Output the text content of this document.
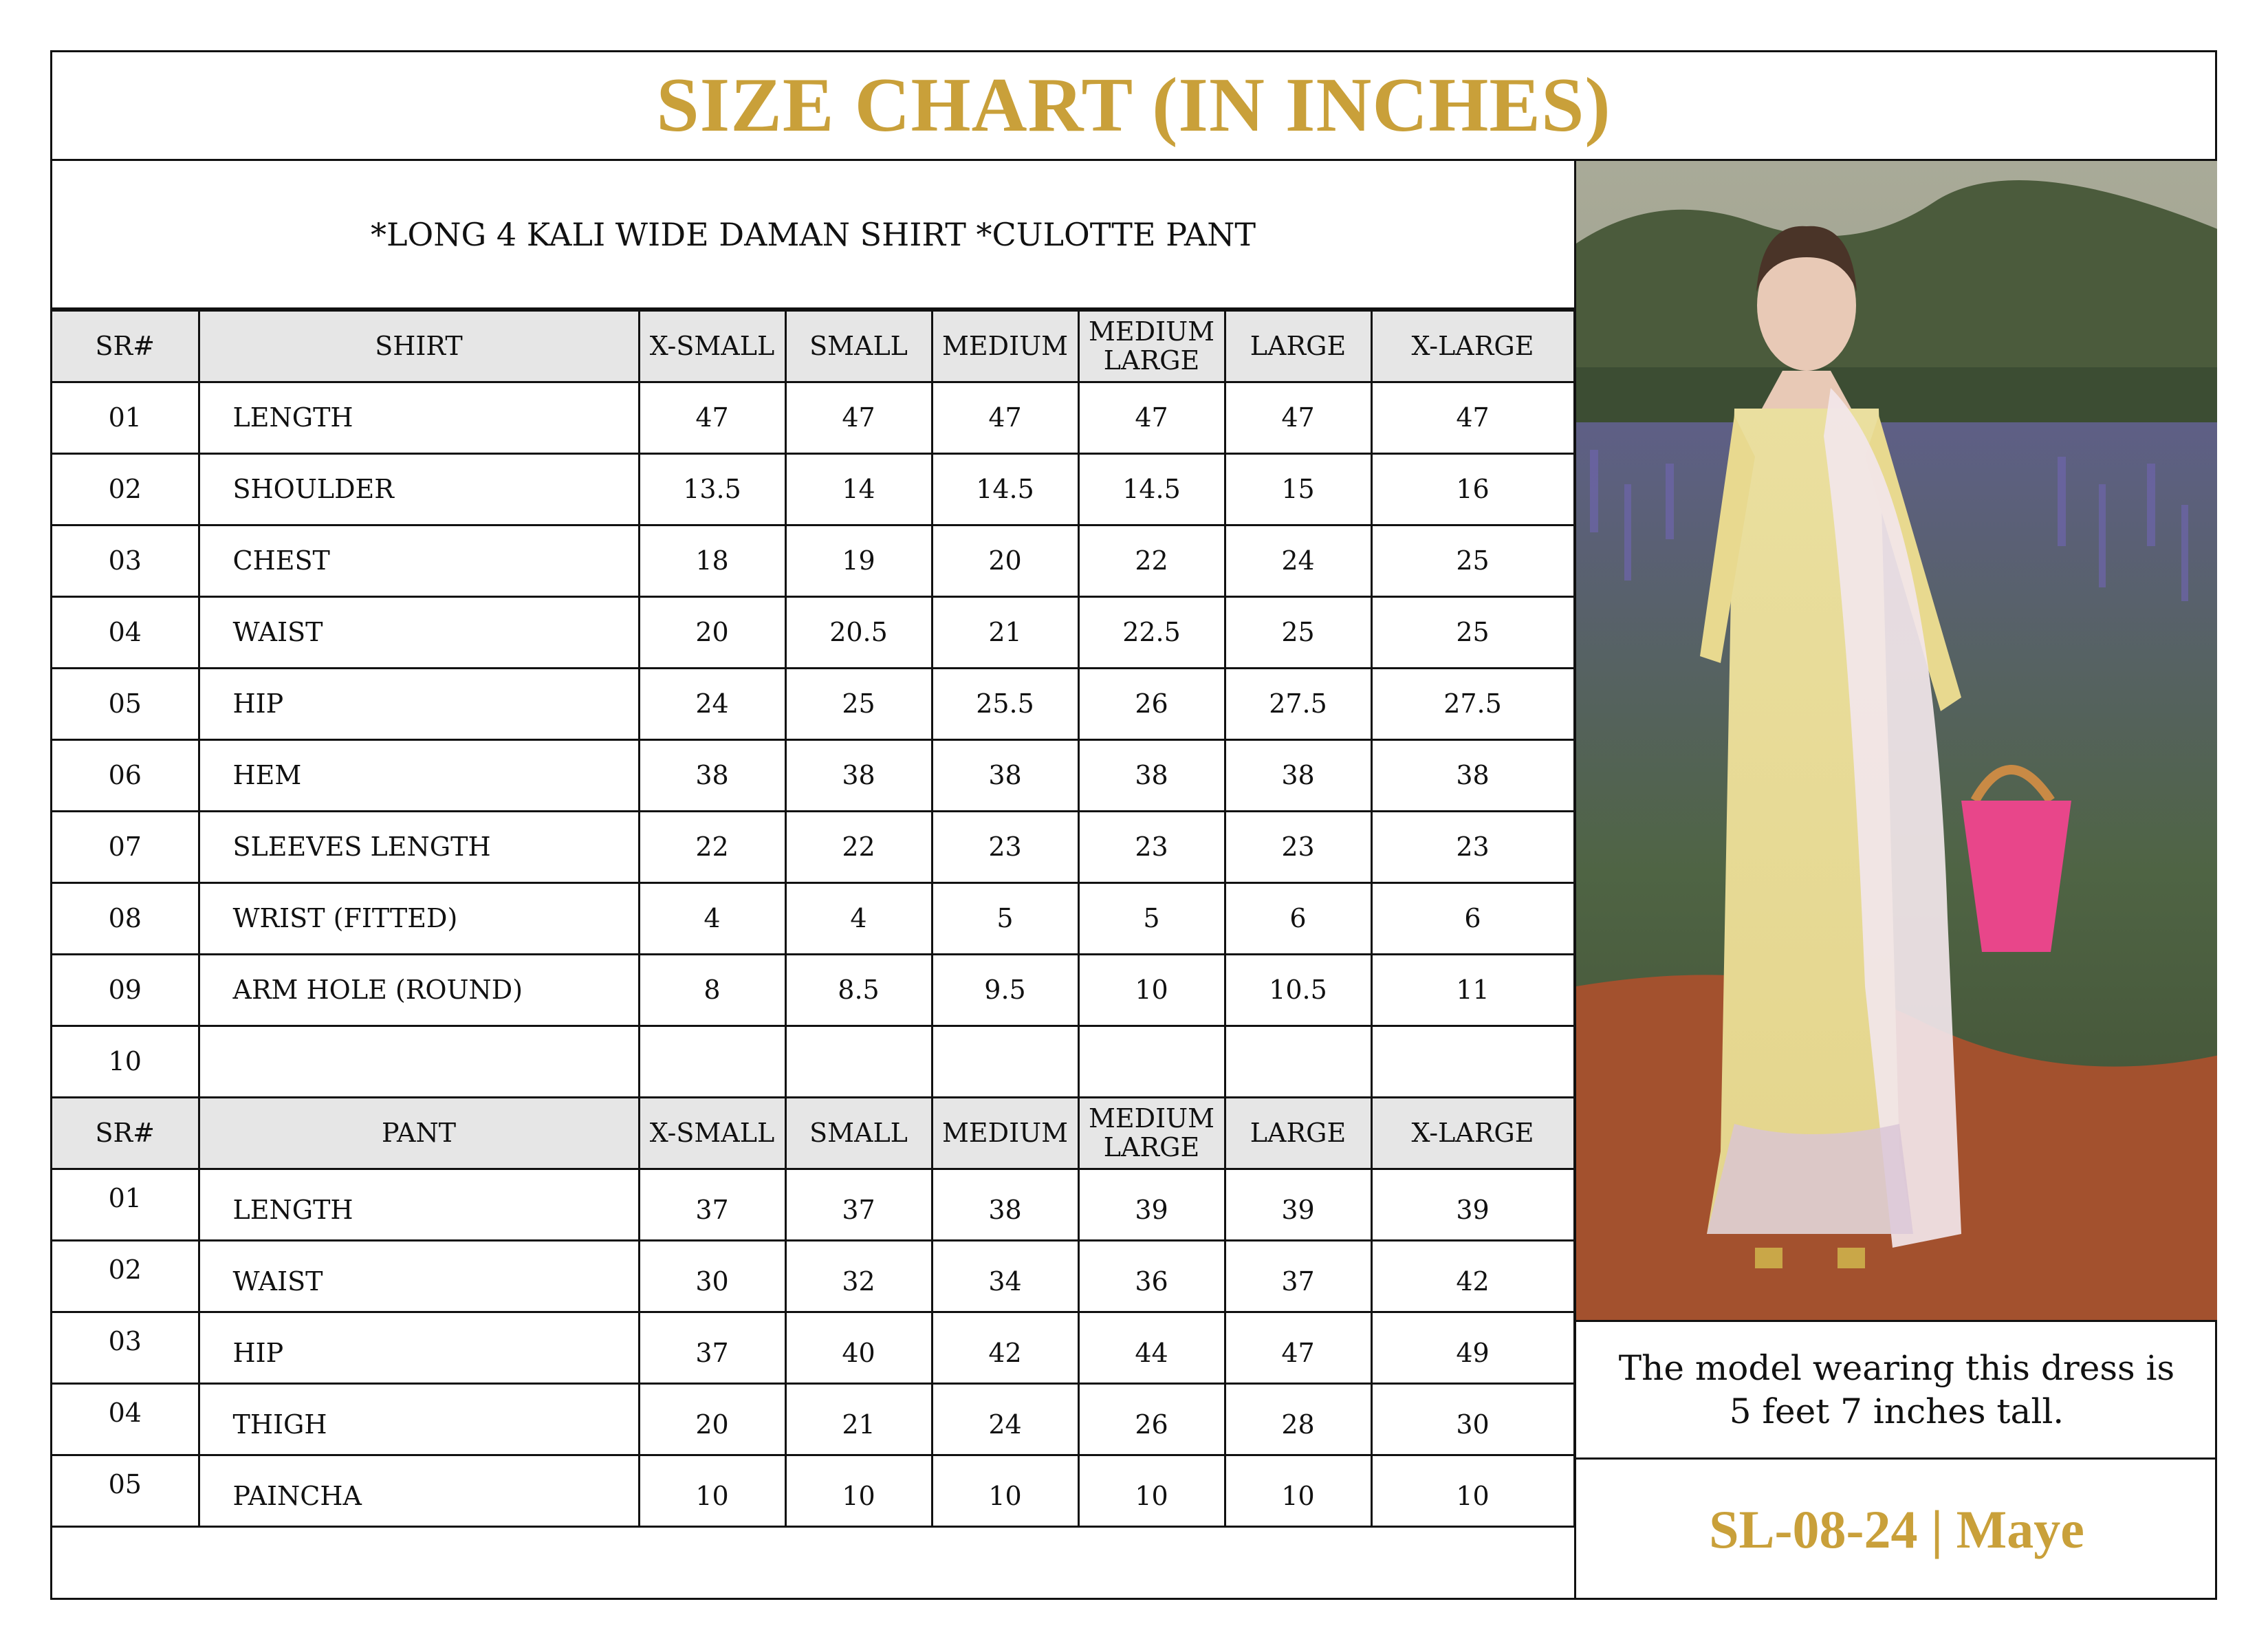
SIZE CHART (IN INCHES)
*LONG 4 KALI WIDE DAMAN SHIRT *CULOTTE PANT
SR#	SHIRT	X-SMALL	SMALL	MEDIUM	MEDIUM LARGE	LARGE	X-LARGE
01	LENGTH	47	47	47	47	47	47
02	SHOULDER	13.5	14	14.5	14.5	15	16
03	CHEST	18	19	20	22	24	25
04	WAIST	20	20.5	21	22.5	25	25
05	HIP	24	25	25.5	26	27.5	27.5
06	HEM	38	38	38	38	38	38
07	SLEEVES LENGTH	22	22	23	23	23	23
08	WRIST (FITTED)	4	4	5	5	6	6
09	ARM HOLE (ROUND)	8	8.5	9.5	10	10.5	11
10							
SR#	PANT	X-SMALL	SMALL	MEDIUM	MEDIUM LARGE	LARGE	X-LARGE
01	LENGTH	37	37	38	39	39	39
02	WAIST	30	32	34	36	37	42
03	HIP	37	40	42	44	47	49
04	THIGH	20	21	24	26	28	30
05	PAINCHA	10	10	10	10	10	10
The model wearing this dress is
5 feet 7 inches tall.
SL-08-24 | Maye
